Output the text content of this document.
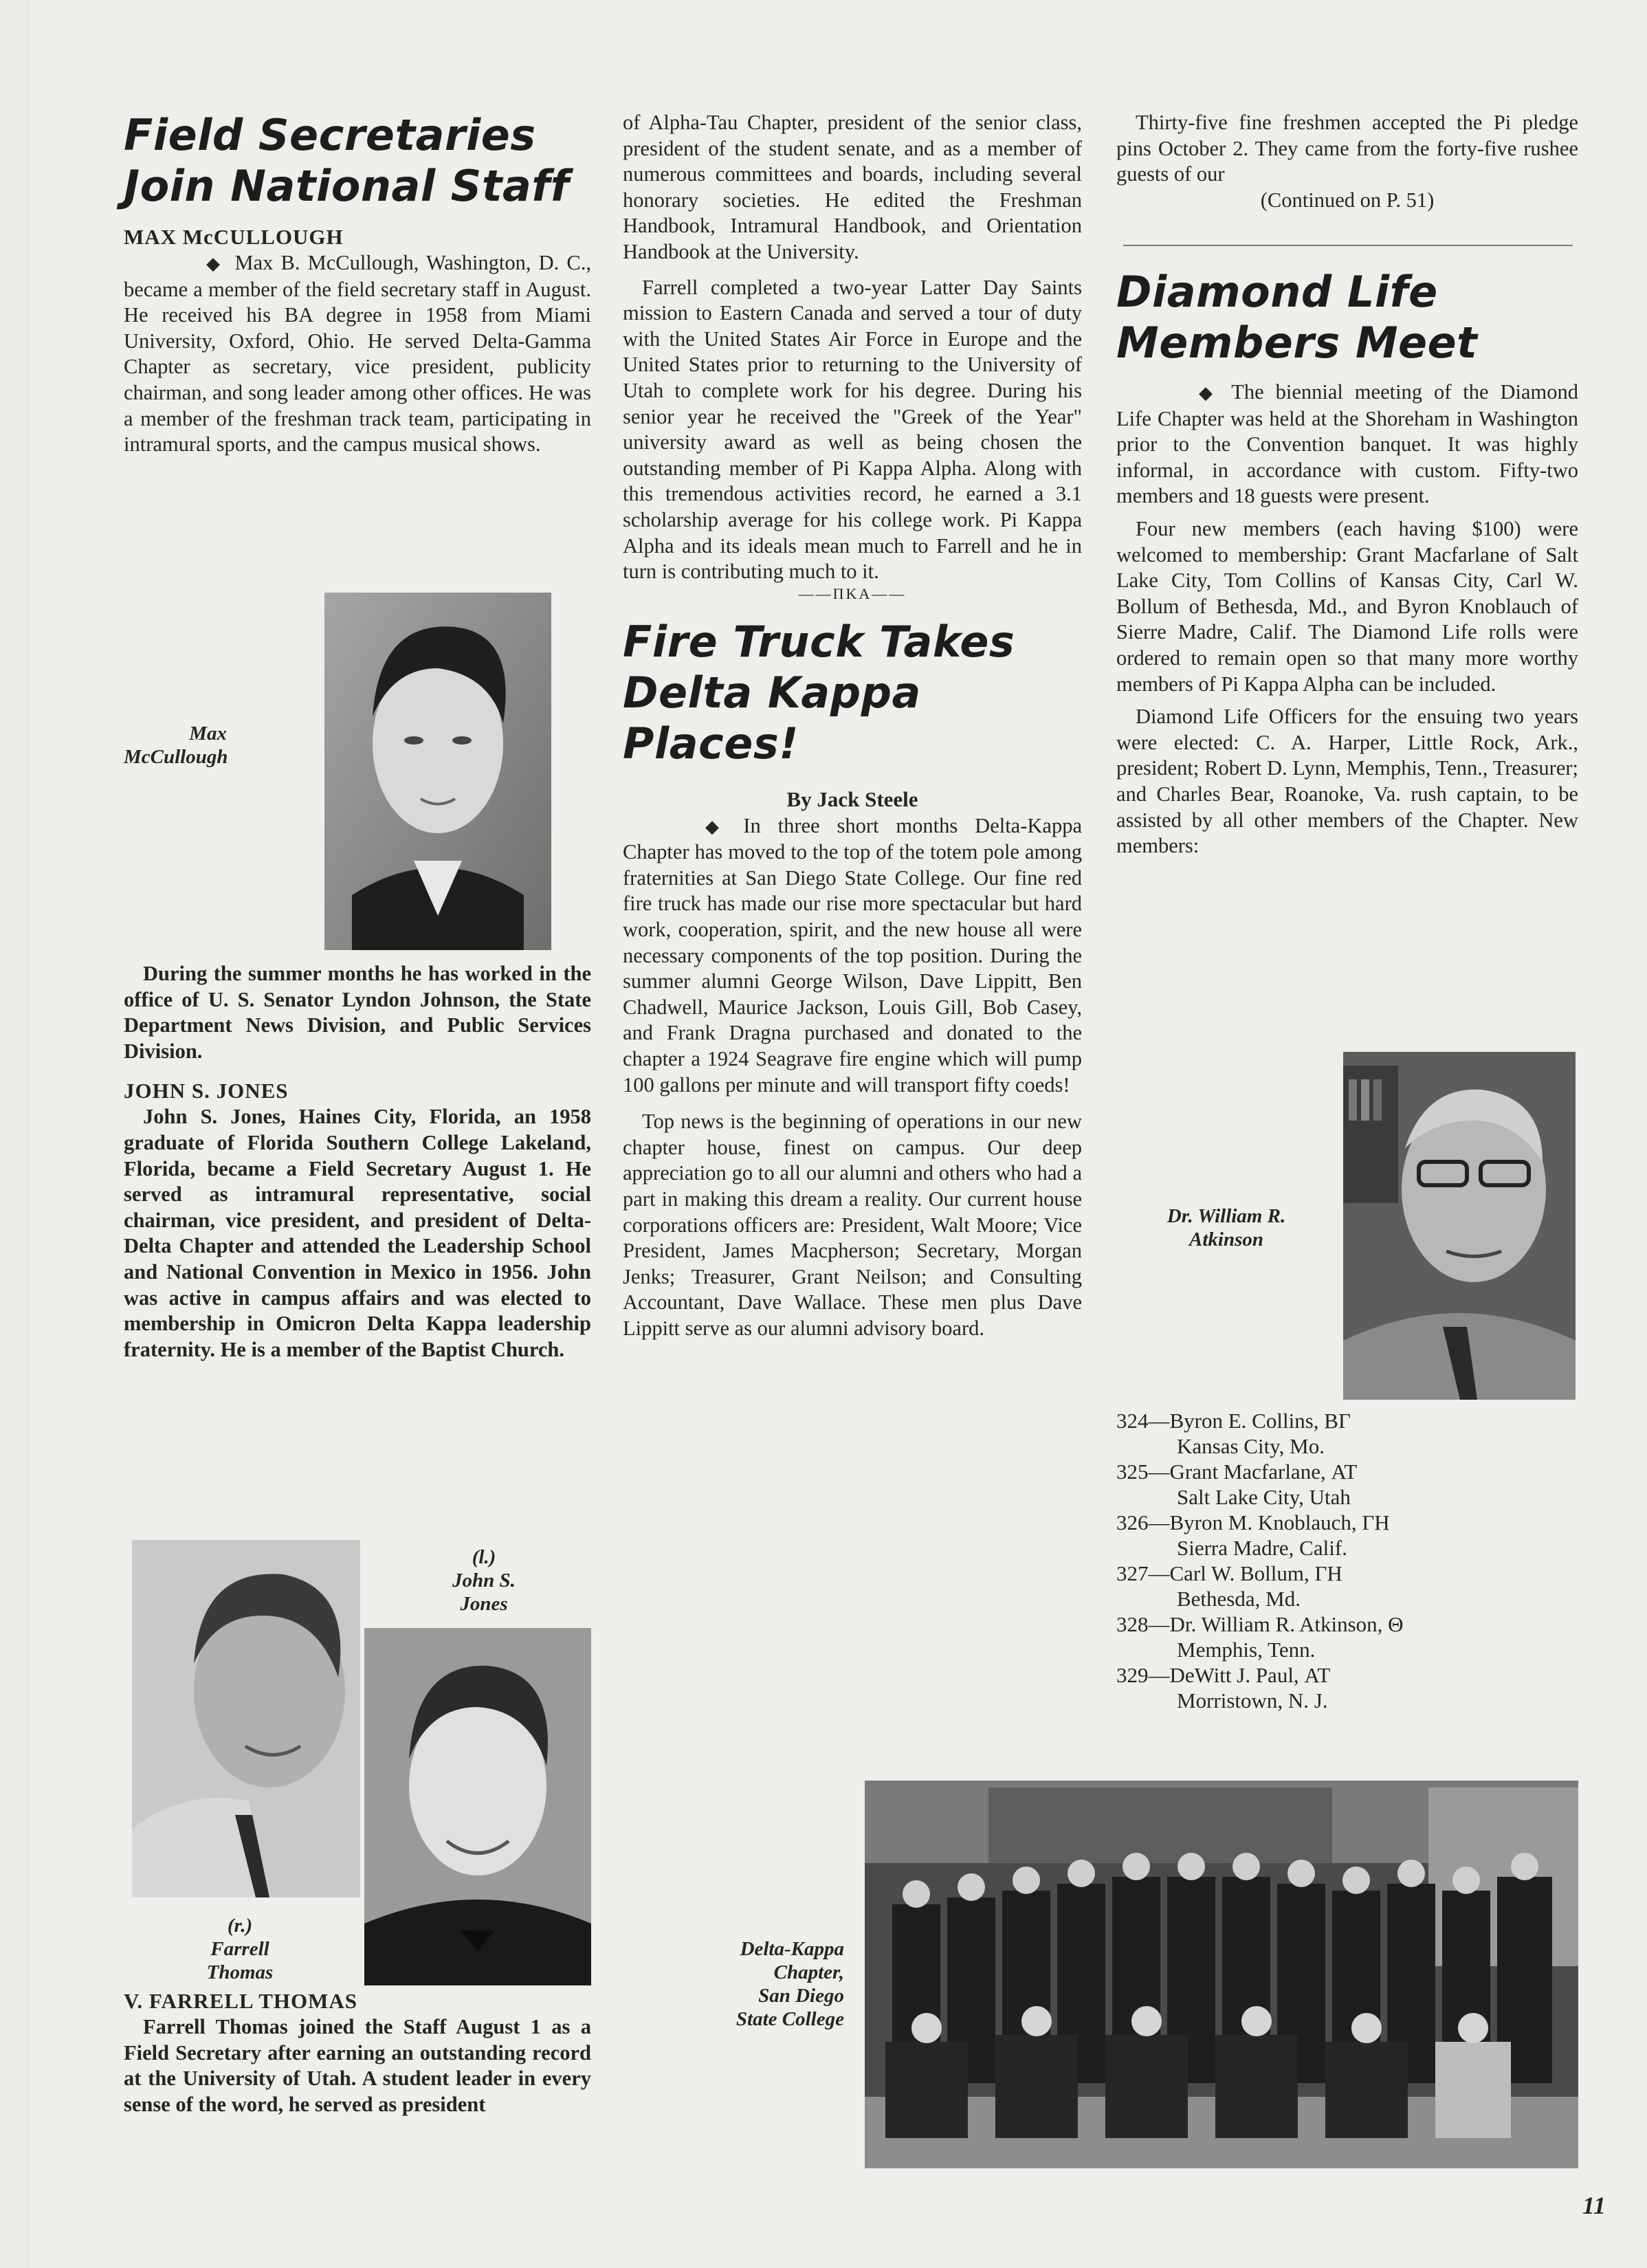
Field Secretaries
Join National Staff

MAX McCULLOUGH

◆ Max B. McCullough, Washington, D. C., became a member of the field secretary staff in August. He received his BA degree in 1958 from Miami University, Oxford, Ohio. He served Delta-Gamma Chapter as secretary, vice president, publicity chairman, and song leader among other offices. He was a member of the freshman track team, participating in intramural sports, and the campus musical shows.

Max

McCullough

During the summer months he has worked in the office of U. S. Senator Lyndon Johnson, the State Department News Division, and Public Services Division.

JOHN S. JONES

John S. Jones, Haines City, Florida, an 1958 graduate of Florida Southern College Lakeland, Florida, became a Field Secretary August 1. He served as intramural representative, social chairman, vice president, and president of Delta-Delta Chapter and attended the Leadership School and National Convention in Mexico in 1956. John was active in campus affairs and was elected to membership in Omicron Delta Kappa leadership fraternity. He is a member of the Baptist Church.

(l.)

John S.

Jones

(r.)

Farrell

Thomas

V. FARRELL THOMAS

Farrell Thomas joined the Staff August 1 as a Field Secretary after earning an outstanding record at the University of Utah. A student leader in every sense of the word, he served as president

of Alpha-Tau Chapter, president of the senior class, president of the student senate, and as a member of numerous committees and boards, including several honorary societies. He edited the Freshman Handbook, Intramural Handbook, and Orientation Handbook at the University.

Farrell completed a two-year Latter Day Saints mission to Eastern Canada and served a tour of duty with the United States Air Force in Europe and the United States prior to returning to the University of Utah to complete work for his degree. During his senior year he received the "Greek of the Year" university award as well as being chosen the outstanding member of Pi Kappa Alpha. Along with this tremendous activities record, he earned a 3.1 scholarship average for his college work. Pi Kappa Alpha and its ideals mean much to Farrell and he in turn is contributing much to it.

——ΠKA——

Fire Truck Takes
Delta Kappa Places!

By Jack Steele

◆ In three short months Delta-Kappa Chapter has moved to the top of the totem pole among fraternities at San Diego State College. Our fine red fire truck has made our rise more spectacular but hard work, cooperation, spirit, and the new house all were necessary components of the top position. During the summer alumni George Wilson, Dave Lippitt, Ben Chadwell, Maurice Jackson, Louis Gill, Bob Casey, and Frank Dragna purchased and donated to the chapter a 1924 Seagrave fire engine which will pump 100 gallons per minute and will transport fifty coeds!

Top news is the beginning of operations in our new chapter house, finest on campus. Our deep appreciation go to all our alumni and others who had a part in making this dream a reality. Our current house corporations officers are: President, Walt Moore; Vice President, James Macpherson; Secretary, Morgan Jenks; Treasurer, Grant Neilson; and Consulting Accountant, Dave Wallace. These men plus Dave Lippitt serve as our alumni advisory board.

Thirty-five fine freshmen accepted the Pi pledge pins October 2. They came from the forty-five rushee guests of our

(Continued on P. 51)

Diamond Life
Members Meet

◆ The biennial meeting of the Diamond Life Chapter was held at the Shoreham in Washington prior to the Convention banquet. It was highly informal, in accordance with custom. Fifty-two members and 18 guests were present.

Four new members (each having $100) were welcomed to membership: Grant Macfarlane of Salt Lake City, Tom Collins of Kansas City, Carl W. Bollum of Bethesda, Md., and Byron Knoblauch of Sierre Madre, Calif. The Diamond Life rolls were ordered to remain open so that many more worthy members of Pi Kappa Alpha can be included.

Diamond Life Officers for the ensuing two years were elected: C. A. Harper, Little Rock, Ark., president; Robert D. Lynn, Memphis, Tenn., Treasurer; and Charles Bear, Roanoke, Va. rush captain, to be assisted by all other members of the Chapter. New members:

Dr. William R.

Atkinson

324—Byron E. Collins, ΒΓ
Kansas City, Mo.
325—Grant Macfarlane, ΑΤ
Salt Lake City, Utah
326—Byron M. Knoblauch, ΓΗ
Sierra Madre, Calif.
327—Carl W. Bollum, ΓΗ
Bethesda, Md.
328—Dr. William R. Atkinson, Θ
Memphis, Tenn.
329—DeWitt J. Paul, ΑΤ
Morristown, N. J.

Delta-Kappa

Chapter,

San Diego

State College

11
